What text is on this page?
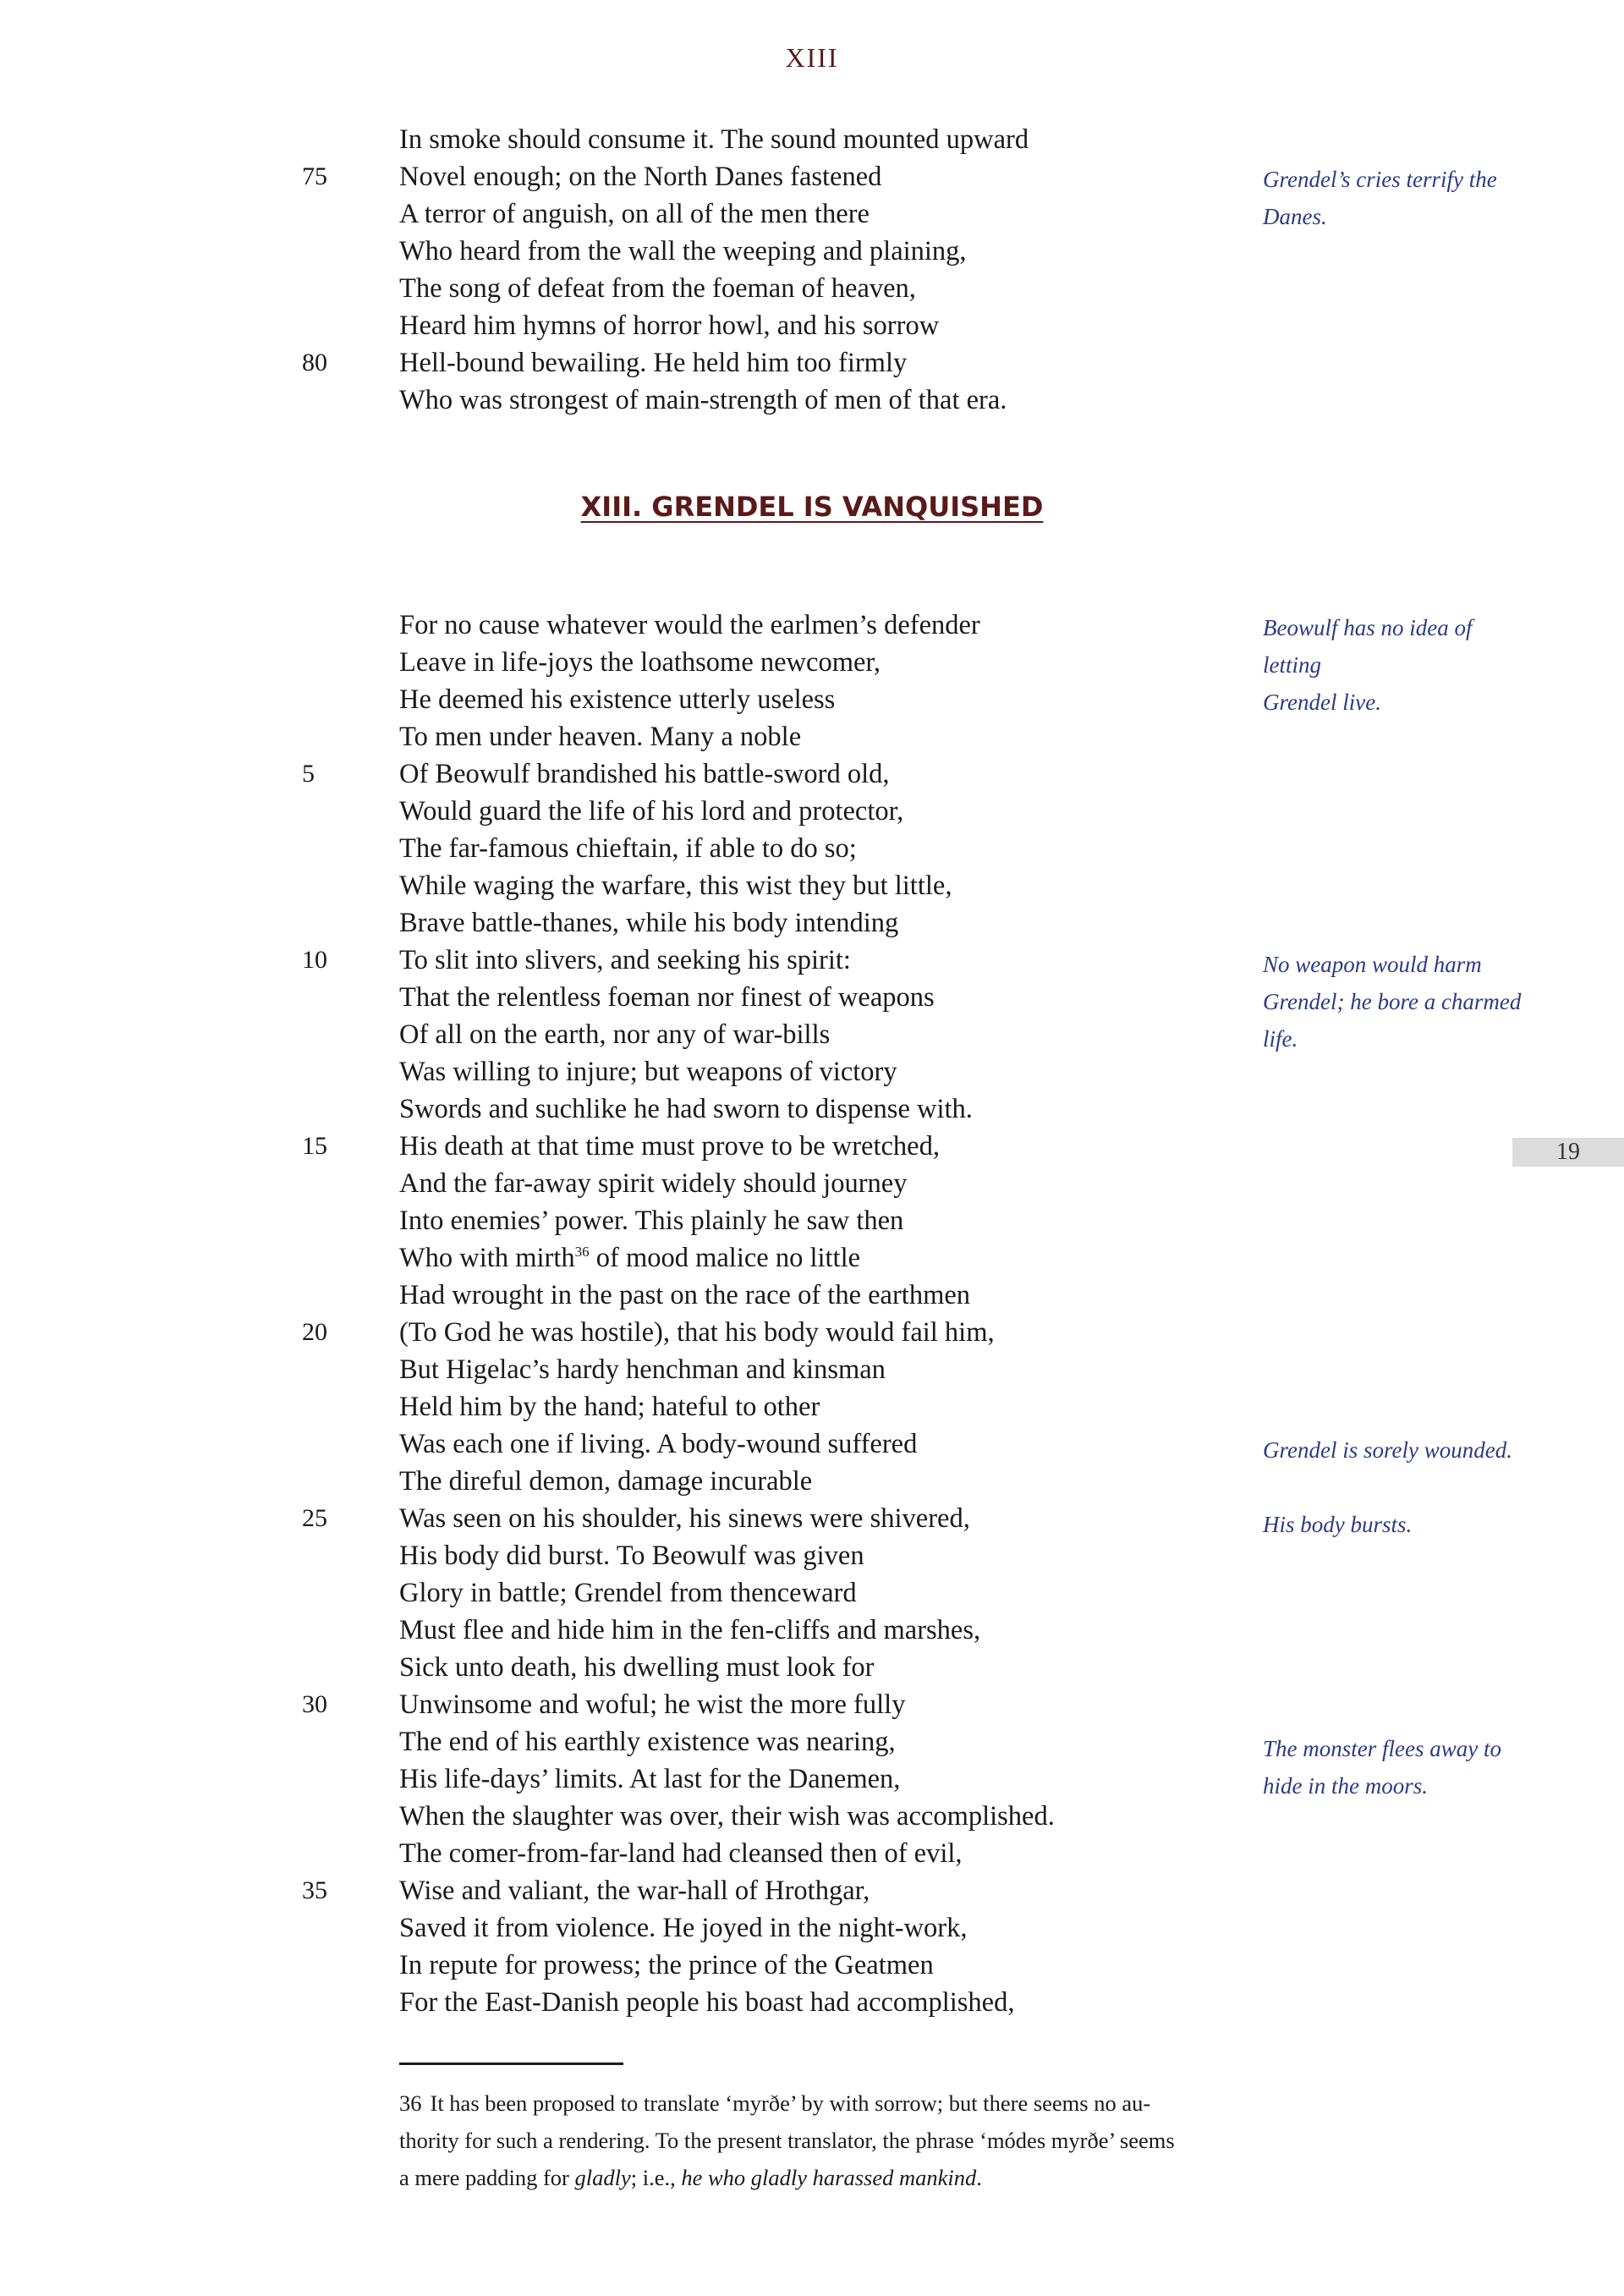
XIII
In smoke should consume it. The sound mounted upward
75	Novel enough; on the North Danes fastened
A terror of anguish, on all of the men there
Who heard from the wall the weeping and plaining,
The song of defeat from the foeman of heaven,
Heard him hymns of horror howl, and his sorrow
80	Hell-bound bewailing. He held him too firmly
Who was strongest of main-strength of men of that era.
XIII. GRENDEL IS VANQUISHED
For no cause whatever would the earlmen’s defender
Leave in life-joys the loathsome newcomer,
He deemed his existence utterly useless
To men under heaven. Many a noble
5	Of Beowulf brandished his battle-sword old,
Would guard the life of his lord and protector,
The far-famous chieftain, if able to do so;
While waging the warfare, this wist they but little,
Brave battle-thanes, while his body intending
10	To slit into slivers, and seeking his spirit:
That the relentless foeman nor finest of weapons
Of all on the earth, nor any of war-bills
Was willing to injure; but weapons of victory
Swords and suchlike he had sworn to dispense with.
15	His death at that time must prove to be wretched,
And the far-away spirit widely should journey
Into enemies’ power. This plainly he saw then
Who with mirth$^{36}$ of mood malice no little
Had wrought in the past on the race of the earthmen
20	(To God he was hostile), that his body would fail him,
But Higelac’s hardy henchman and kinsman
Held him by the hand; hateful to other
Was each one if living. A body-wound suffered
The direful demon, damage incurable
25	Was seen on his shoulder, his sinews were shivered,
His body did burst. To Beowulf was given
Glory in battle; Grendel from thenceward
Must flee and hide him in the fen-cliffs and marshes,
Sick unto death, his dwelling must look for
30	Unwinsome and woful; he wist the more fully
The end of his earthly existence was nearing,
His life-days’ limits. At last for the Danemen,
When the slaughter was over, their wish was accomplished.
The comer-from-far-land had cleansed then of evil,
35	Wise and valiant, the war-hall of Hrothgar,
Saved it from violence. He joyed in the night-work,
In repute for prowess; the prince of the Geatmen
For the East-Danish people his boast had accomplished,
Grendel’s cries terrify the
Danes.
Beowulf has no idea of letting
Grendel live.
No weapon would harm
Grendel; he bore a charmed
life.
Grendel is sorely wounded.
His body bursts.
The monster flees away to
hide in the moors.
19
36 It has been proposed to translate ‘myrðe’ by with sorrow; but there seems no au-
thority for such a rendering. To the present translator, the phrase ‘módes myrðe’ seems
a mere padding for gladly; i.e., he who gladly harassed mankind.
